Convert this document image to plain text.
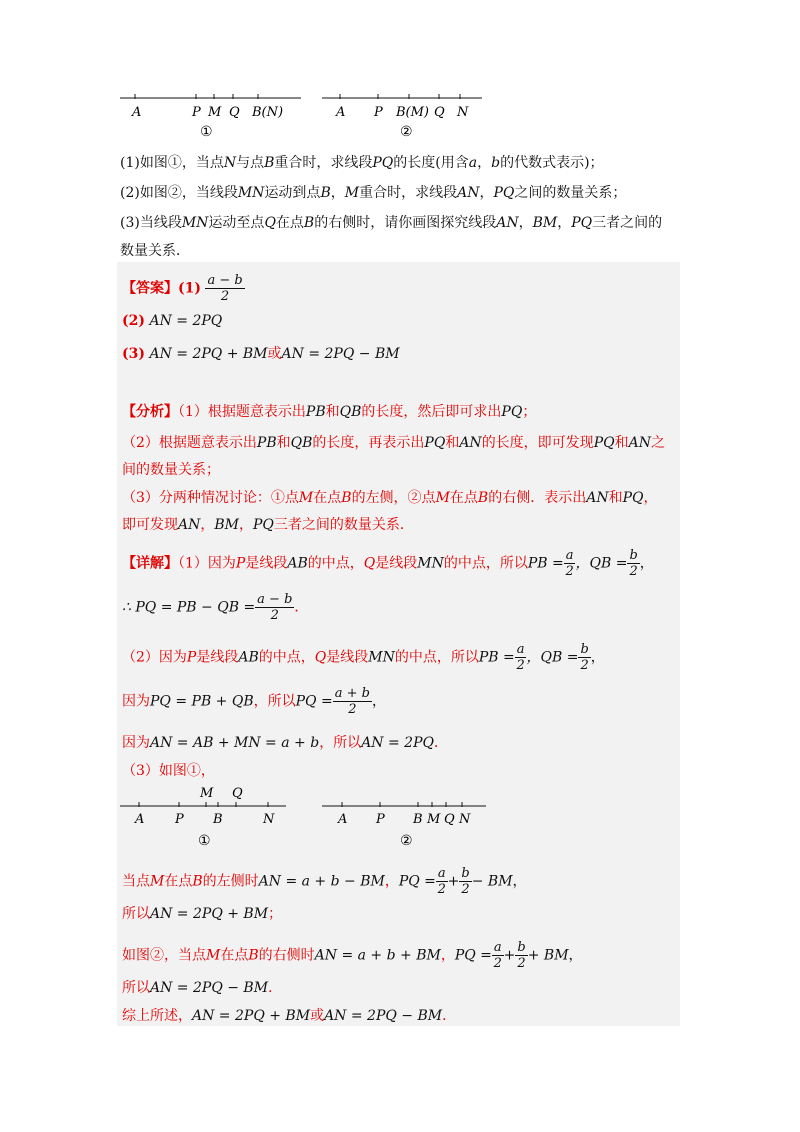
A	P M Q B(N)
①
A P B(M) Q N
②
(1)如图①，当点N与点B重合时，求线段PQ的长度(用含a，b的代数式表示)；
(2)如图②，当线段MN运动到点B，M重合时，求线段AN，PQ之间的数量关系；
(3)当线段MN运动至点Q在点B的右侧时，请你画图探究线段AN，BM，PQ三者之间的
数量关系．
【答案】$(1) \frac{a - b}{2}$
(2) AN = 2PQ
(3) AN = 2PQ + BM或AN = 2PQ − BM
【分析】（1）根据题意表示出PB和QB的长度，然后即可求出PQ；
（2）根据题意表示出PB和QB的长度，再表示出PQ和AN的长度，即可发现PQ和AN之
间的数量关系；
（3）分两种情况讨论：①点M在点B的左侧，②点M在点B的右侧．表示出AN和PQ，
即可发现AN，BM，PQ三者之间的数量关系．
【详解】（1）因为P是线段AB的中点，Q是线段MN的中点，所以PB = $\frac{a}{2}$ ，QB = $\frac{b}{2}$ ，
∴ PQ = PB − QB = $\frac{a - b}{2}$ ．
（2）因为P是线段AB的中点，Q是线段MN的中点，所以PB = $\frac{a}{2}$ ，QB = $\frac{b}{2}$ ，
因为PQ = PB + QB，所以PQ = $\frac{a + b}{2}$ ，
因为AN = AB + MN = a + b，所以AN = 2PQ．
（3）如图①，
M Q
A P B	N
①
A P B M Q N
②
当点M在点B的左侧时AN = a + b − BM，PQ = $\frac{a}{2} + \frac{b}{2}$ − BM，
所以AN = 2PQ + BM；
如图②，当点M在点B的右侧时AN = a + b + BM，PQ = $\frac{a}{2} + \frac{b}{2}$ + BM，
所以AN = 2PQ − BM．
综上所述，AN = 2PQ + BM或AN = 2PQ − BM．
